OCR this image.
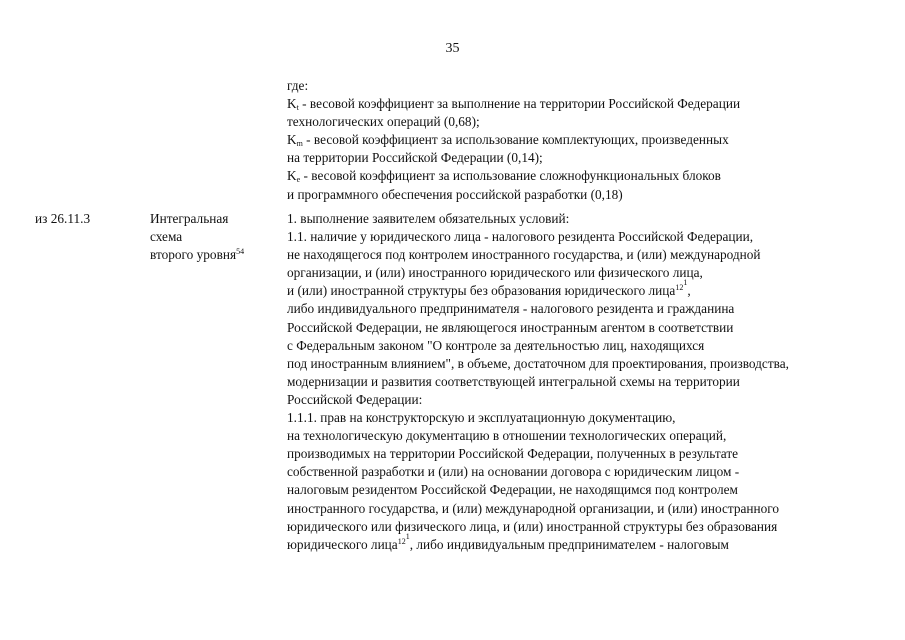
35
где:
$K_t$ - весовой коэффициент за выполнение на территории Российской Федерации
технологических операций (0,68);
$K_m$ - весовой коэффициент за использование комплектующих, произведенных
на территории Российской Федерации (0,14);
$K_e$ - весовой коэффициент за использование сложнофункциональных блоков
и программного обеспечения российской разработки (0,18)
из 26.11.3	Интегральная
схема
второго уровня$^{54}$
1. выполнение заявителем обязательных условий:
1.1. наличие у юридического лица - налогового резидента Российской Федерации,
не находящегося под контролем иностранного государства, и (или) международной
организации, и (или) иностранного юридического или физического лица,
и (или) иностранной структуры без образования юридического лица$^{12^1}$,
либо индивидуального предпринимателя - налогового резидента и гражданина
Российской Федерации, не являющегося иностранным агентом в соответствии
с Федеральным законом "О контроле за деятельностью лиц, находящихся
под иностранным влиянием", в объеме, достаточном для проектирования, производства,
модернизации и развития соответствующей интегральной схемы на территории
Российской Федерации:
1.1.1. прав на конструкторскую и эксплуатационную документацию,
на технологическую документацию в отношении технологических операций,
производимых на территории Российской Федерации, полученных в результате
собственной разработки и (или) на основании договора с юридическим лицом -
налоговым резидентом Российской Федерации, не находящимся под контролем
иностранного государства, и (или) международной организации, и (или) иностранного
юридического или физического лица, и (или) иностранной структуры без образования
юридического лица$^{12^1}$, либо индивидуальным предпринимателем - налоговым
